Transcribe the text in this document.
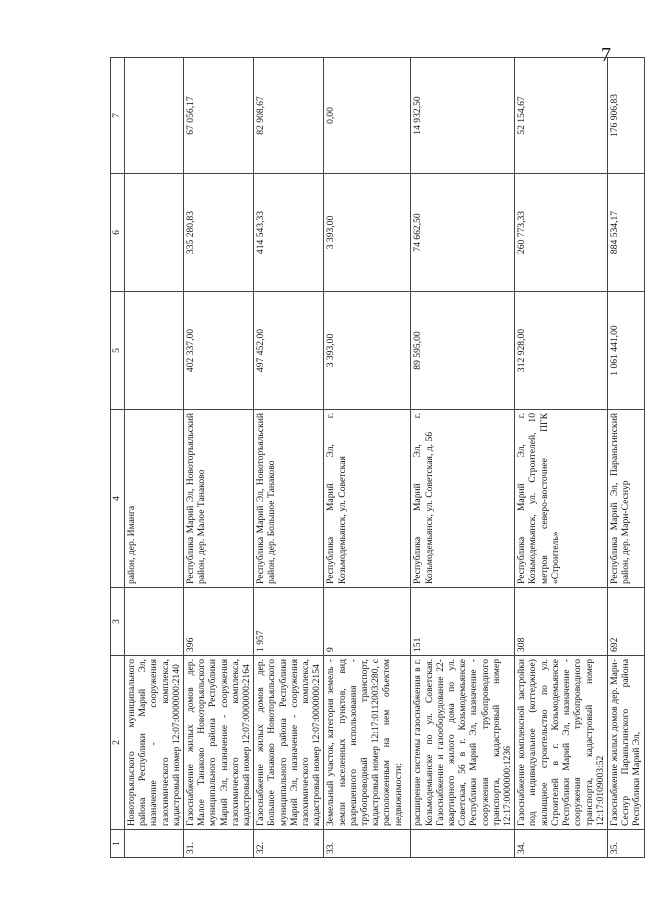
7
1	2	3	4	5	6	7
	Новоторъяльского муниципального района Республики Марий Эл, назначение - сооружения газохимического комплекса, кадастровый номер 12:07:0000000:2140		район, дер. Иманга			
31.	Газоснабжение жилых домов дер. Малое Танаково Новоторъяльского муниципального района Республики Марий Эл, назначение - сооружения газохимического комплекса, кадастровый номер 12:07:0000000:2164	396	Республика Марий Эл, Новоторъяльский район, дер. Малое Танаково	402 337,00	335 280,83	67 056,17
32.	Газоснабжение жилых домов дер. Большое Танаково Новоторъяльского муниципального района Республики Марий Эл, назначение - сооружения газохимического комплекса, кадастровый номер 12:07:0000000:2154	1 957	Республика Марий Эл, Новоторъяльский район, дер. Большое Танаково	497 452,00	414 543,33	82 908,67
33.	Земельный участок, категория земель - земли населенных пунктов, вид разрешенного использования - трубопроводный транспорт, кадастровый номер 12:17:0112003:280, с расположенным на нем объектом недвижимости:	9	Республика Марий Эл, г. Козьмодемьянск, ул. Советская	3 393,00	3 393,00	0,00
	расширение системы газоснабжения в г. Козьмодемьянске по ул. Советская. Газоснабжение и газооборудование 22-квартирного жилого дома по ул. Советская, 56 в г. Козьмодемьянске Республики Марий Эл, назначение - сооружения трубопроводного транспорта, кадастровый номер 12:17:0000000:1236	151	Республика Марий Эл, г. Козьмодемьянск, ул. Советская, д. 56	89 595,00	74 662,50	14 932,50
34.	Газоснабжение комплексной застройки под индивидуальное (коттеджное) жилищное строительство по ул. Строителей в г. Козьмодемьянске Республики Марий Эл, назначение - сооружения трубопроводного транспорта, кадастровый номер 12:17:0109003:52	308	Республика Марий Эл, г. Козьмодемьянск, ул. Строителей, 10 метров северо-восточнее ПГК «Строитель»	312 928,00	260 773,33	52 154,67
35.	Газоснабжение жилых домов дер. Мари-Сеснур Параньгинского района Республики Марий Эл,	692	Республика Марий Эл, Параньгинский район, дер. Мари-Сеснур	1 061 441,00	884 534,17	176 906,83
